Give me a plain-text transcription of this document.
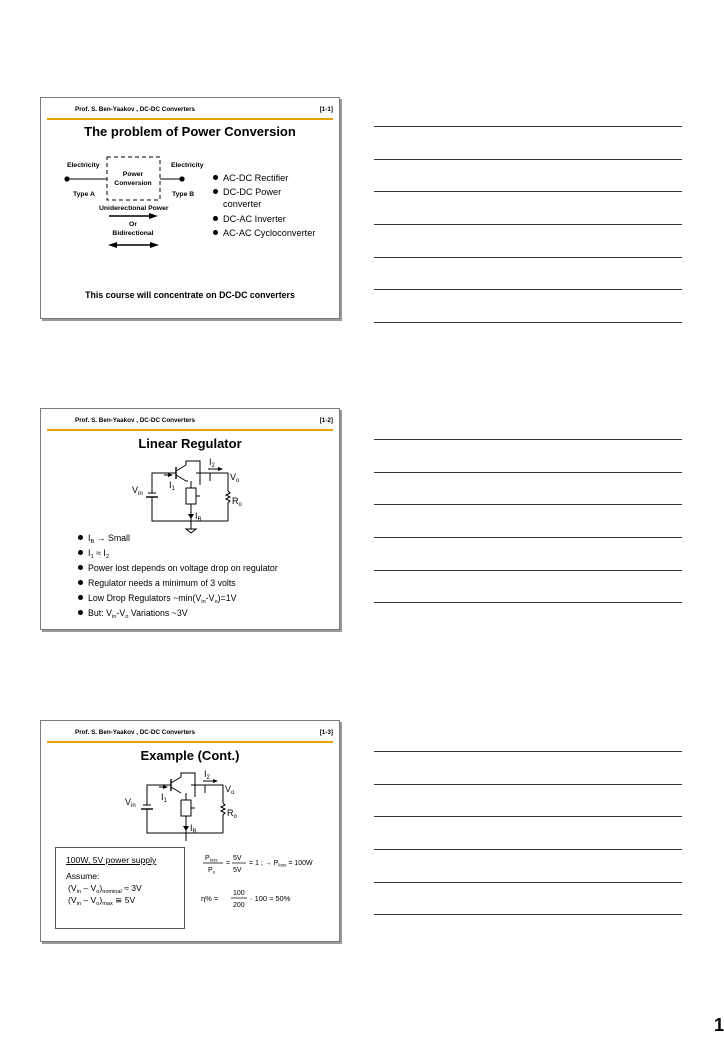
Prof. S. Ben-Yaakov , DC-DC Converters	[1-1]
The problem of Power Conversion
Electricity	Electricity
Power
Conversion
Type A	Type B
Uniderectional Power
Or
Bidirectional
AC-DC Rectifier
DC-DC Power
converter
DC-AC Inverter
AC-AC Cycloconverter
This course will concentrate on DC-DC converters
Prof. S. Ben-Yaakov , DC-DC Converters	[1-2]
Linear Regulator
$I_2$
$V_o$
$V_{in}$
$I_1$
$R_o$
$I_B$
$I_B$ → Small
$I_1 \approx I_2$
Power lost depends on voltage drop on regulator
Regulator needs a minimum of 3 volts
Low Drop Regulators $\sim\min(V_{in}-V_o)=1V$
But: $V_{in}-V_o$ Variations ~3V
Prof. S. Ben-Yaakov , DC-DC Converters	[1-3]
Example (Cont.)
$I_2$
$V_o$
$V_{in}$
$I_1$
$R_o$
$I_B$
100W, 5V power supply
Assume:
$(V_{in} - V_o)_{nominal} \approx 3V$
$(V_{in} - V_o)_{max}$ ≅ 5V
$P_{loss}$
$P_o$
=
5V
5V
= 1 ; → $P_{loss} = 100W$
η% =
100
200
· 100 ≈ 50%
1
